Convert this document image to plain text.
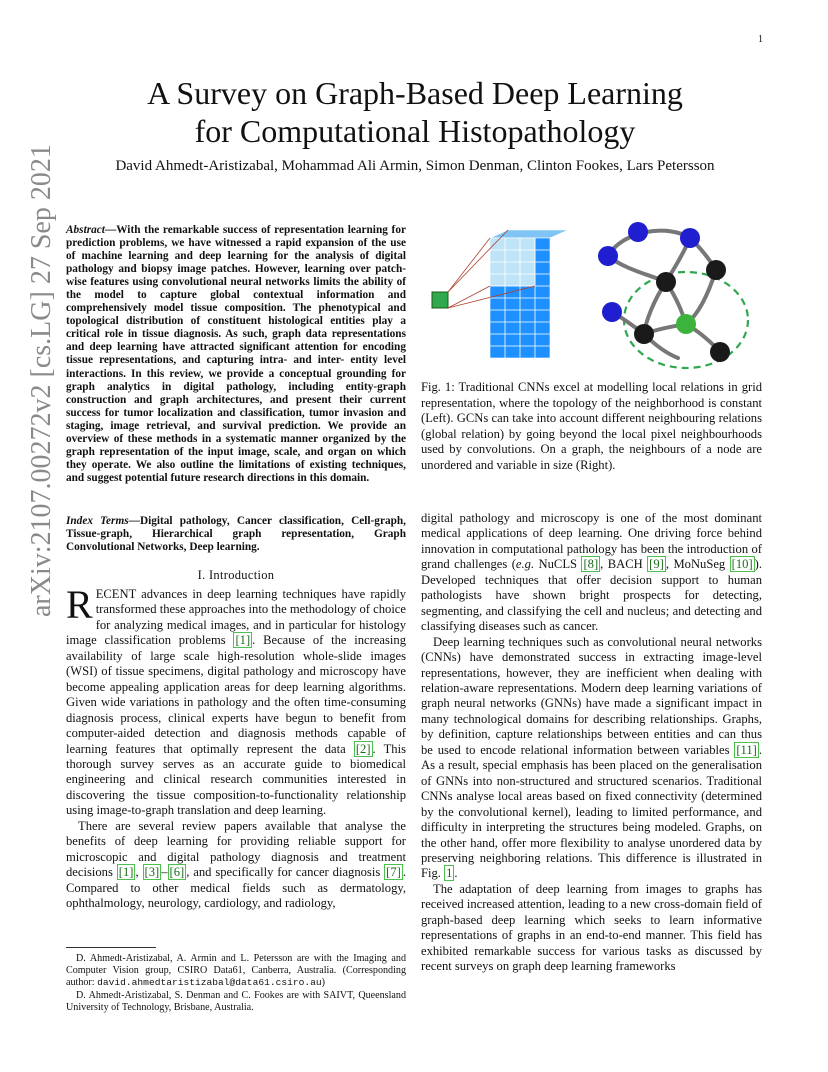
1
arXiv:2107.00272v2 [cs.LG] 27 Sep 2021
A Survey on Graph-Based Deep Learning
for Computational Histopathology
David Ahmedt-Aristizabal, Mohammad Ali Armin, Simon Denman, Clinton Fookes, Lars Petersson
Abstract—With the remarkable success of representation learning for prediction problems, we have witnessed a rapid expansion of the use of machine learning and deep learning for the analysis of digital pathology and biopsy image patches. However, learning over patch-wise features using convolutional neural networks limits the ability of the model to capture global contextual information and comprehensively model tissue composition. The phenotypical and topological distribution of constituent histological entities play a critical role in tissue diagnosis. As such, graph data representations and deep learning have attracted significant attention for encoding tissue representations, and capturing intra- and inter- entity level interactions. In this review, we provide a conceptual grounding for graph analytics in digital pathology, including entity-graph construction and graph architectures, and present their current success for tumor localization and classification, tumor invasion and staging, image retrieval, and survival prediction. We provide an overview of these methods in a systematic manner organized by the graph representation of the input image, scale, and organ on which they operate. We also outline the limitations of existing techniques, and suggest potential future research directions in this domain.
Index Terms—Digital pathology, Cancer classification, Cell-graph, Tissue-graph, Hierarchical graph representation, Graph Convolutional Networks, Deep learning.
I. Introduction

RECENT advances in deep learning techniques have rapidly transformed these approaches into the methodology of choice for analyzing medical images, and in particular for histology image classification problems [1] . Because of the increasing availability of large scale high-resolution whole-slide images (WSI) of tissue specimens, digital pathology and microscopy have become appealing application areas for deep learning algorithms. Given wide variations in pathology and the often time-consuming diagnosis process, clinical experts have begun to benefit from computer-aided detection and diagnosis methods capable of learning features that optimally represent the data [2] . This thorough survey serves as an accurate guide to biomedical engineering and clinical research communities interested in discovering the tissue composition-to-functionality relationship using image-to-graph translation and deep learning.

There are several review papers available that analyse the benefits of deep learning for providing reliable support for microscopic and digital pathology diagnosis and treatment decisions [1] , [3] – [6] , and specifically for cancer diagnosis [7] . Compared to other medical fields such as dermatology, ophthalmology, neurology, cardiology, and radiology,

D. Ahmedt-Aristizabal, A. Armin and L. Petersson are with the Imaging and Computer Vision group, CSIRO Data61, Canberra, Australia. (Corresponding author: david.ahmedtaristizabal@data61.csiro.au)

D. Ahmedt-Aristizabal, S. Denman and C. Fookes are with SAIVT, Queensland University of Technology, Brisbane, Australia.

Fig. 1: Traditional CNNs excel at modelling local relations in grid representation, where the topology of the neighborhood is constant (Left). GCNs can take into account different neighbouring relations (global relation) by going beyond the local pixel neighbourhoods used by convolutions. On a graph, the neighbours of a node are unordered and variable in size (Right).

digital pathology and microscopy is one of the most dominant medical applications of deep learning. One driving force behind innovation in computational pathology has been the introduction of grand challenges (e.g. NuCLS [8] , BACH [9] , MoNuSeg [10] ). Developed techniques that offer decision support to human pathologists have shown bright prospects for detecting, segmenting, and classifying the cell and nucleus; and detecting and classifying diseases such as cancer.

Deep learning techniques such as convolutional neural networks (CNNs) have demonstrated success in extracting image-level representations, however, they are inefficient when dealing with relation-aware representations. Modern deep learning variations of graph neural networks (GNNs) have made a significant impact in many technological domains for describing relationships. Graphs, by definition, capture relationships between entities and can thus be used to encode relational information between variables [11] . As a result, special emphasis has been placed on the generalisation of GNNs into non-structured and structured scenarios. Traditional CNNs analyse local areas based on fixed connectivity (determined by the convolutional kernel), leading to limited performance, and difficulty in interpreting the structures being modeled. Graphs, on the other hand, offer more flexibility to analyse unordered data by preserving neighboring relations. This difference is illustrated in Fig. 1 .

The adaptation of deep learning from images to graphs has received increased attention, leading to a new cross-domain field of graph-based deep learning which seeks to learn informative representations of graphs in an end-to-end manner. This field has exhibited remarkable success for various tasks as discussed by recent surveys on graph deep learning frameworks
